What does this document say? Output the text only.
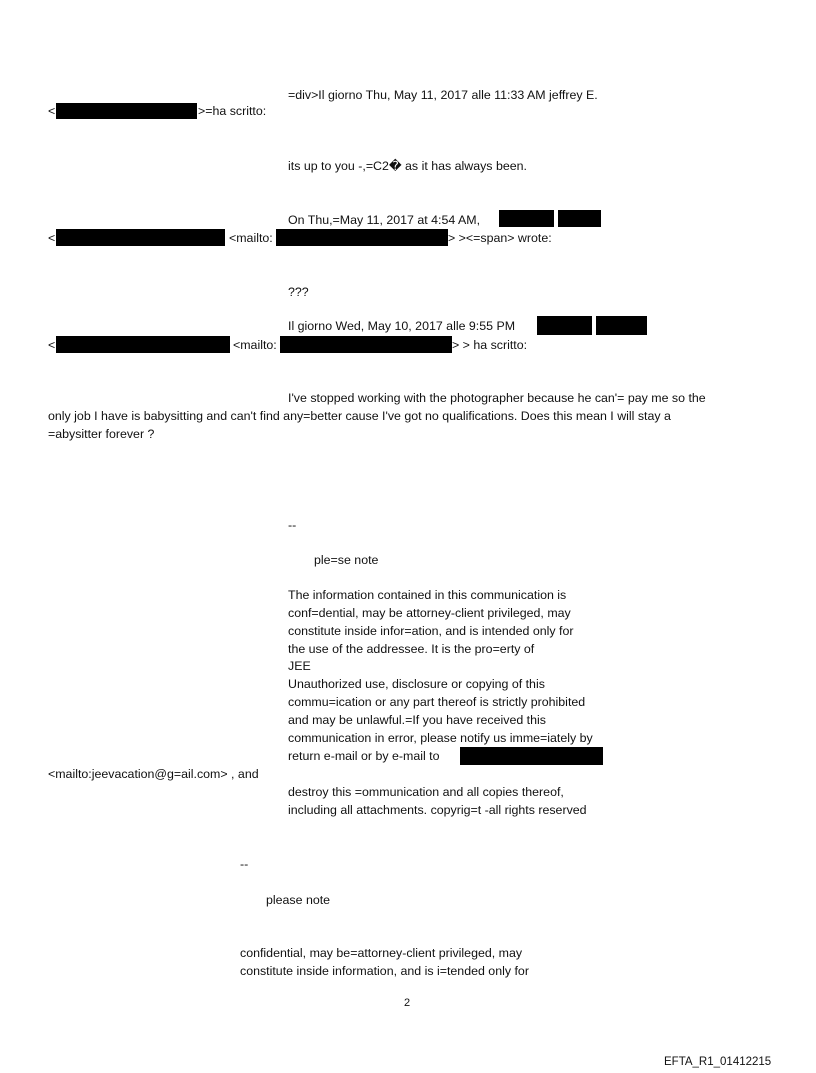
=div>Il giorno Thu, May 11, 2017 alle 11:33 AM jeffrey E.
<	>=ha scritto:
its up to you -,=C2� as it has always been.
On Thu,=May 11, 2017 at 4:54 AM,
<	<mailto:	> ><=span> wrote:
???
Il giorno Wed, May 10, 2017 alle 9:55 PM
<	<mailto:	> > ha scritto:
I've stopped working with the photographer because he can'= pay me so the
only job I have is babysitting and can't find any=better cause I've got no qualifications. Does this mean I will stay a
=abysitter forever ?
--
ple=se note
The information contained in this communication is
conf=dential, may be attorney-client privileged, may
constitute inside infor=ation, and is intended only for
the use of the addressee. It is the pro=erty of
JEE
Unauthorized use, disclosure or copying of this
commu=ication or any part thereof is strictly prohibited
and may be unlawful.=If you have received this
communication in error, please notify us imme=iately by
return e-mail or by e-mail to
<mailto:jeevacation@g=ail.com> , and
destroy this =ommunication and all copies thereof,
including all attachments. copyrig=t -all rights reserved
--
please note
confidential, may be=attorney-client privileged, may
constitute inside information, and is i=tended only for
2
EFTA_R1_01412215
